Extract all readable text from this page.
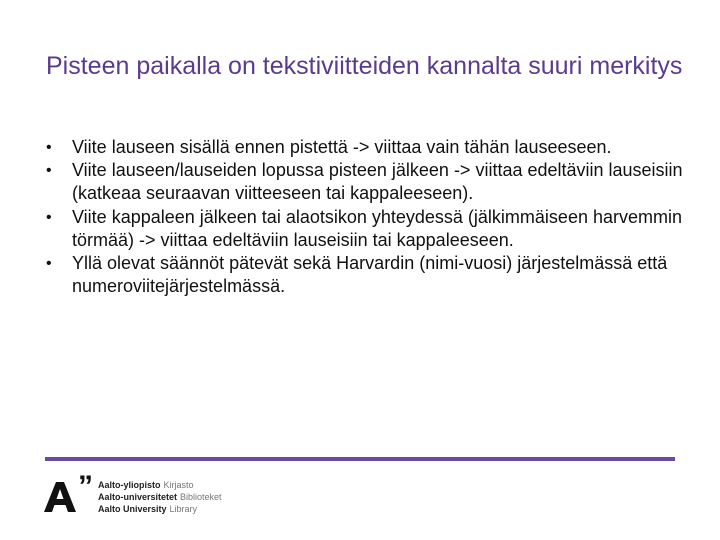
Pisteen paikalla on tekstiviitteiden kannalta suuri merkitys
• Viite lauseen sisällä ennen pistettä -> viittaa vain tähän lauseeseen.
• Viite lauseen/lauseiden lopussa pisteen jälkeen -> viittaa edeltäviin lauseisiin (katkeaa seuraavan viitteeseen tai kappaleeseen).
• Viite kappaleen jälkeen tai alaotsikon yhteydessä (jälkimmäiseen harvemmin törmää) -> viittaa edeltäviin lauseisiin tai kappaleeseen.
• Yllä olevat säännöt pätevät sekä Harvardin (nimi-vuosi) järjestelmässä että numeroviitejärjestelmässä.
” Aalto-yliopisto Kirjasto
Aalto-universitetet Biblioteket
Aalto University Library
